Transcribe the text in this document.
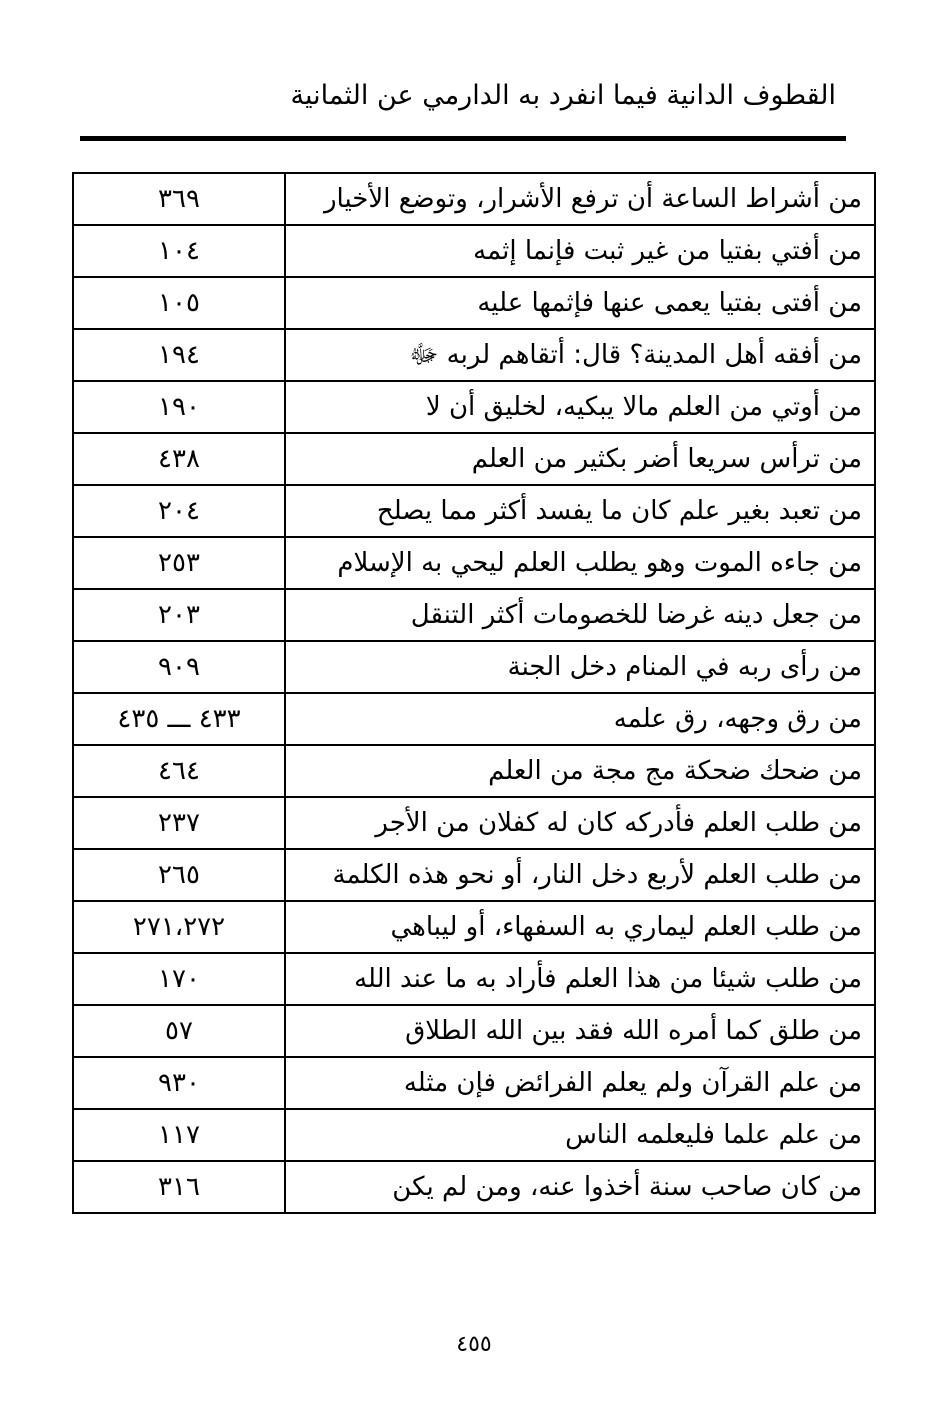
القطوف الدانية فيما انفرد به الدارمي عن الثمانية
من أشراط الساعة أن ترفع الأشرار، وتوضع الأخيار	٣٦٩
من أفتي بفتيا من غير ثبت فإنما إثمه	١٠٤
من أفتى بفتيا يعمى عنها فإثمها عليه	١٠٥
من أفقه أهل المدينة؟ قال: أتقاهم لربه ﷻ	١٩٤
من أوتي من العلم مالا يبكيه، لخليق أن لا	١٩٠
من ترأس سريعا أضر بكثير من العلم	٤٣٨
من تعبد بغير علم كان ما يفسد أكثر مما يصلح	٢٠٤
من جاءه الموت وهو يطلب العلم ليحي به الإسلام	٢٥٣
من جعل دينه غرضا للخصومات أكثر التنقل	٢٠٣
من رأى ربه في المنام دخل الجنة	٩٠٩
من رق وجهه، رق علمه	٤٣٣ ـــ ٤٣٥
من ضحك ضحكة مج مجة من العلم	٤٦٤
من طلب العلم فأدركه كان له كفلان من الأجر	٢٣٧
من طلب العلم لأربع دخل النار، أو نحو هذه الكلمة	٢٦٥
من طلب العلم ليماري به السفهاء، أو ليباهي	٢٧١،٢٧٢
من طلب شيئا من هذا العلم فأراد به ما عند الله	١٧٠
من طلق كما أمره الله فقد بين الله الطلاق	٥٧
من علم القرآن ولم يعلم الفرائض فإن مثله	٩٣٠
من علم علما فليعلمه الناس	١١٧
من كان صاحب سنة أخذوا عنه، ومن لم يكن	٣١٦
٤٥٥
